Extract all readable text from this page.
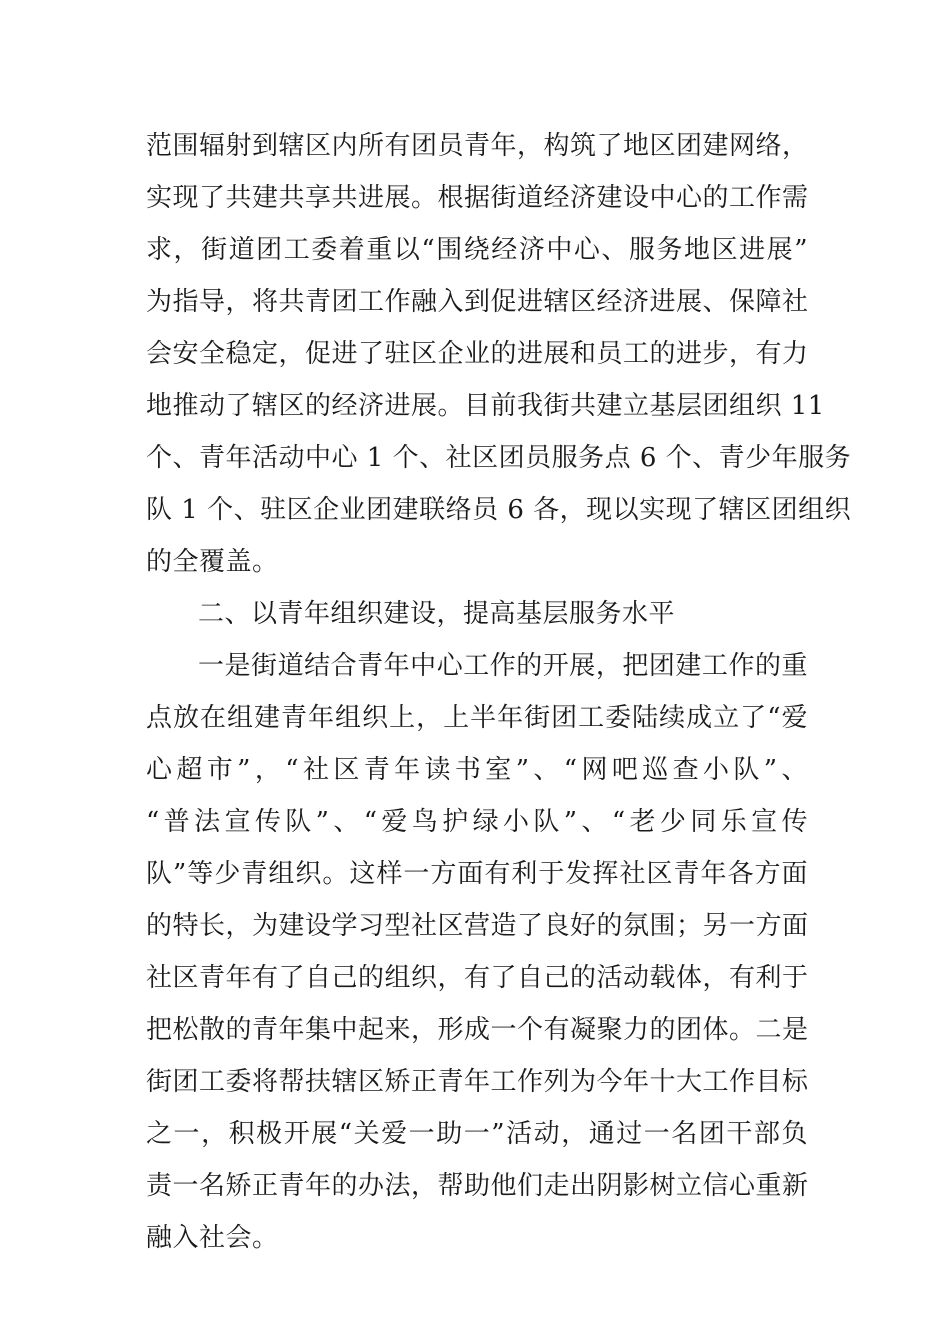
范围辐射到辖区内所有团员青年，构筑了地区团建网络，
实现了共建共享共进展。根据街道经济建设中心的工作需
求，街道团工委着重以“围绕经济中心、服务地区进展”
为指导，将共青团工作融入到促进辖区经济进展、保障社
会安全稳定，促进了驻区企业的进展和员工的进步，有力
地推动了辖区的经济进展。目前我街共建立基层团组织 11
个、青年活动中心 1 个、社区团员服务点 6 个、青少年服务
队 1 个、驻区企业团建联络员 6 各，现以实现了辖区团组织
的全覆盖。
二、以青年组织建设，提高基层服务水平
一是街道结合青年中心工作的开展，把团建工作的重
点放在组建青年组织上，上半年街团工委陆续成立了“爱
心超市”，“社区青年读书室”、“网吧巡查小队”、
“普法宣传队”、“爱鸟护绿小队”、“老少同乐宣传
队”等少青组织。这样一方面有利于发挥社区青年各方面
的特长，为建设学习型社区营造了良好的氛围；另一方面
社区青年有了自己的组织，有了自己的活动载体，有利于
把松散的青年集中起来，形成一个有凝聚力的团体。二是
街团工委将帮扶辖区矫正青年工作列为今年十大工作目标
之一，积极开展“关爱一助一”活动，通过一名团干部负
责一名矫正青年的办法，帮助他们走出阴影树立信心重新
融入社会。
